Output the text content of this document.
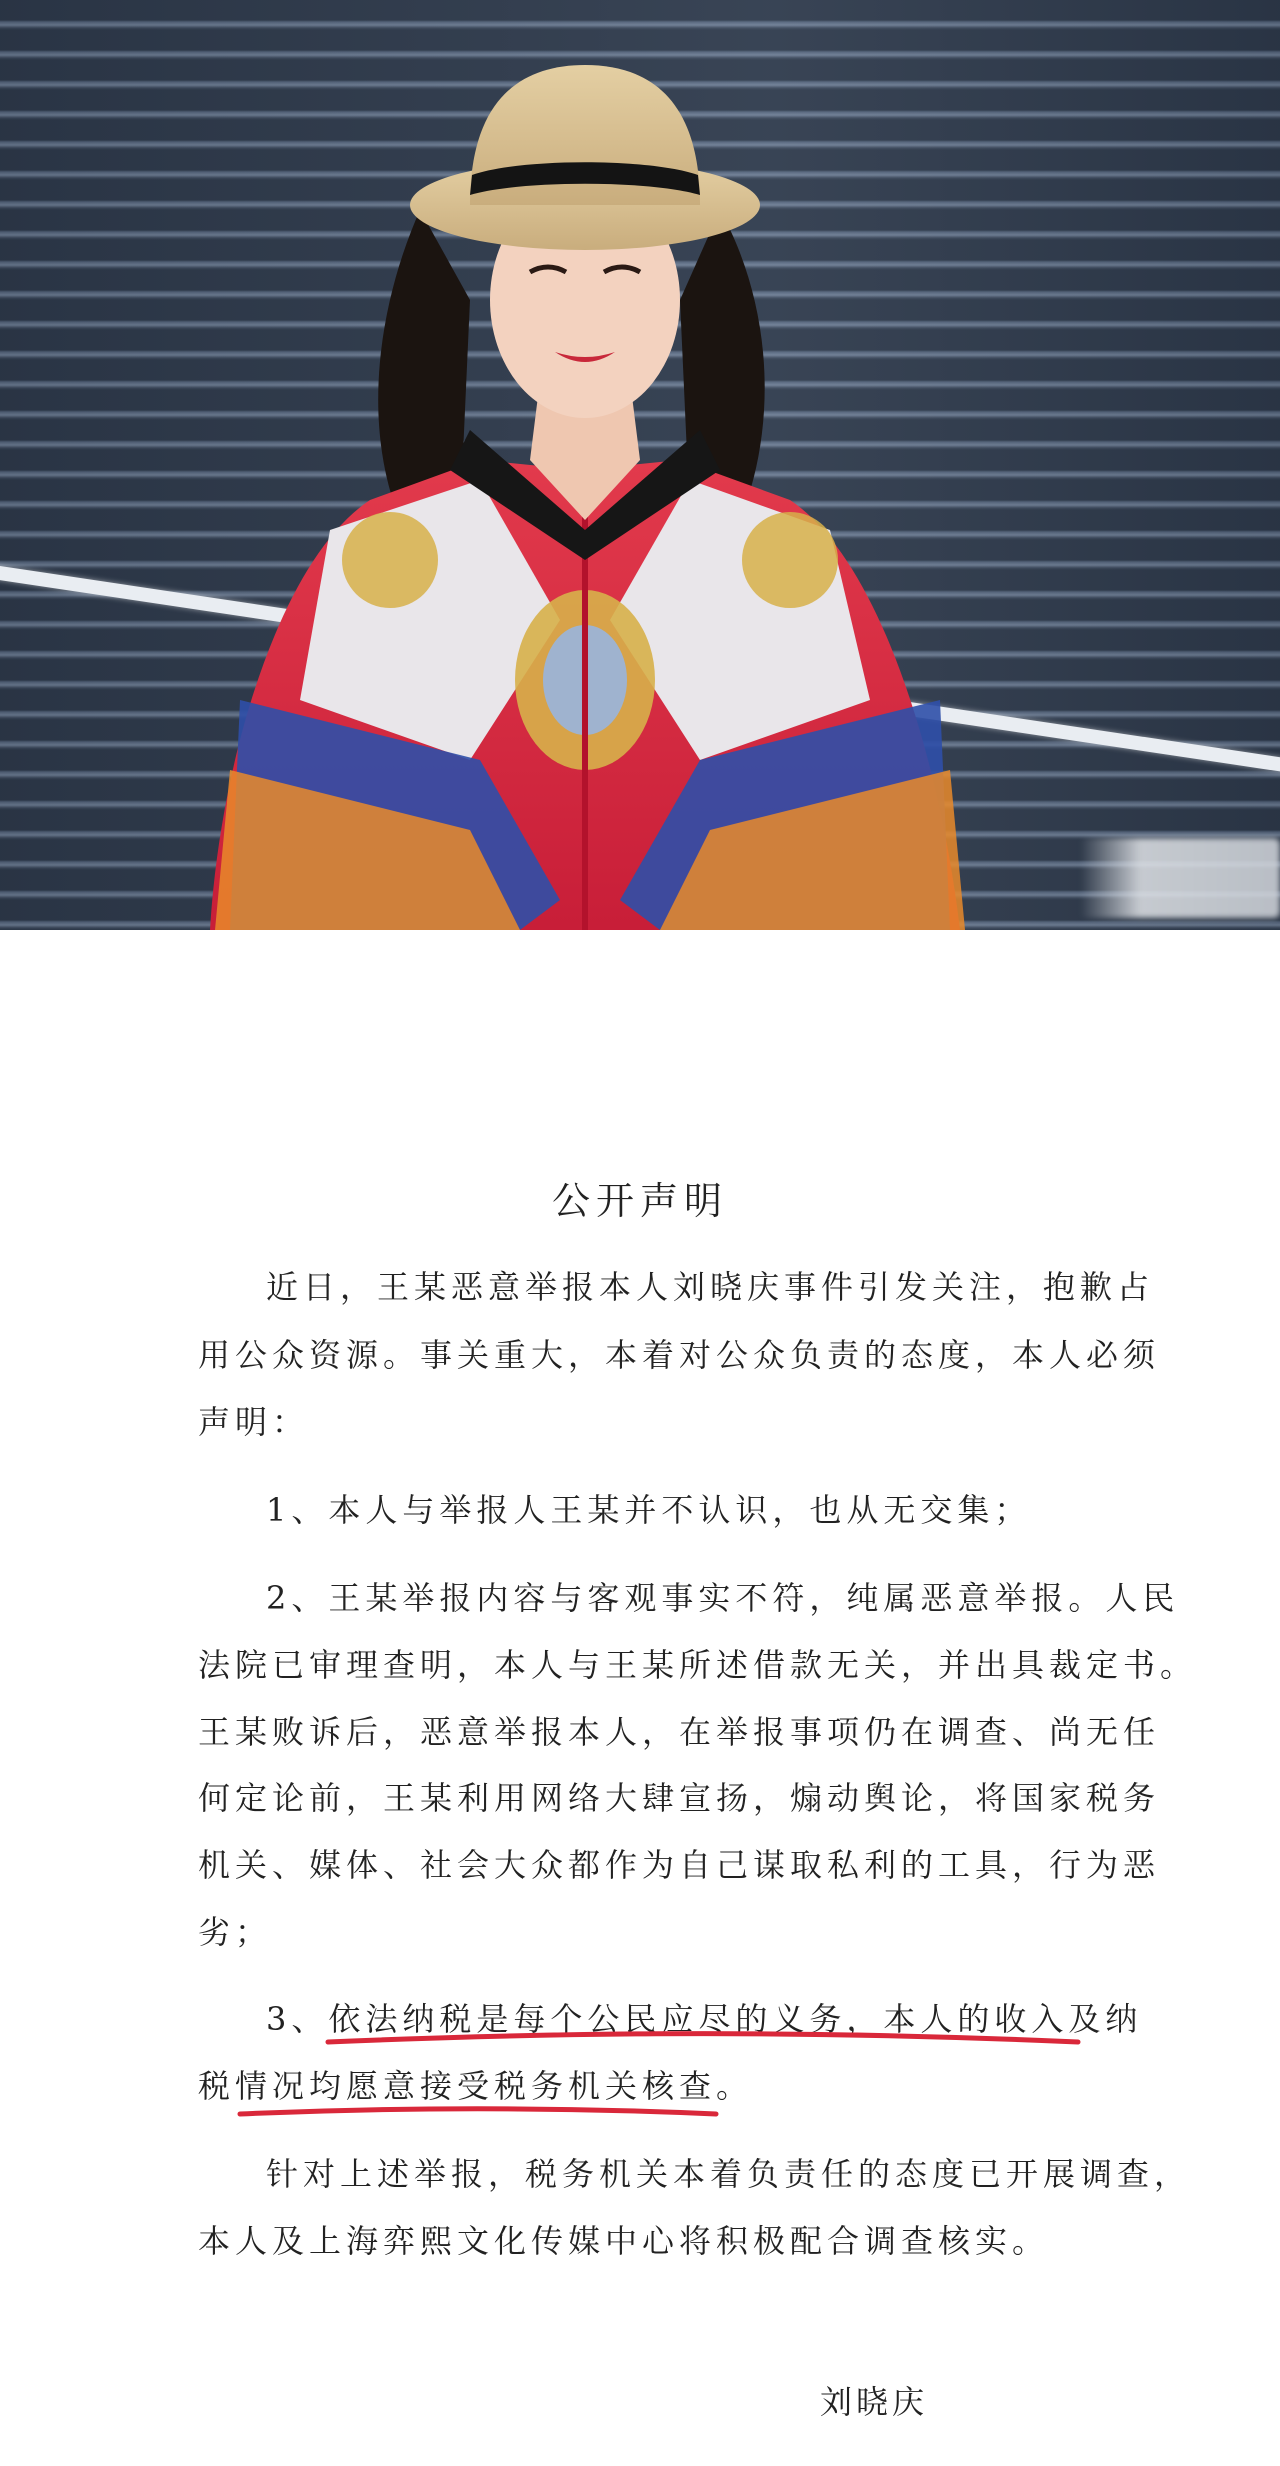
公开声明
近日，王某恶意举报本人刘晓庆事件引发关注，抱歉占
用公众资源。事关重大，本着对公众负责的态度，本人必须
声明：
1、本人与举报人王某并不认识，也从无交集；
2、王某举报内容与客观事实不符，纯属恶意举报。人民
法院已审理查明，本人与王某所述借款无关，并出具裁定书。
王某败诉后，恶意举报本人，在举报事项仍在调查、尚无任
何定论前，王某利用网络大肆宣扬，煽动舆论，将国家税务
机关、媒体、社会大众都作为自己谋取私利的工具，行为恶
劣；
3、依法纳税是每个公民应尽的义务，本人的收入及纳
税情况均愿意接受税务机关核查。
针对上述举报，税务机关本着负责任的态度已开展调查，
本人及上海弈熙文化传媒中心将积极配合调查核实。
刘晓庆
